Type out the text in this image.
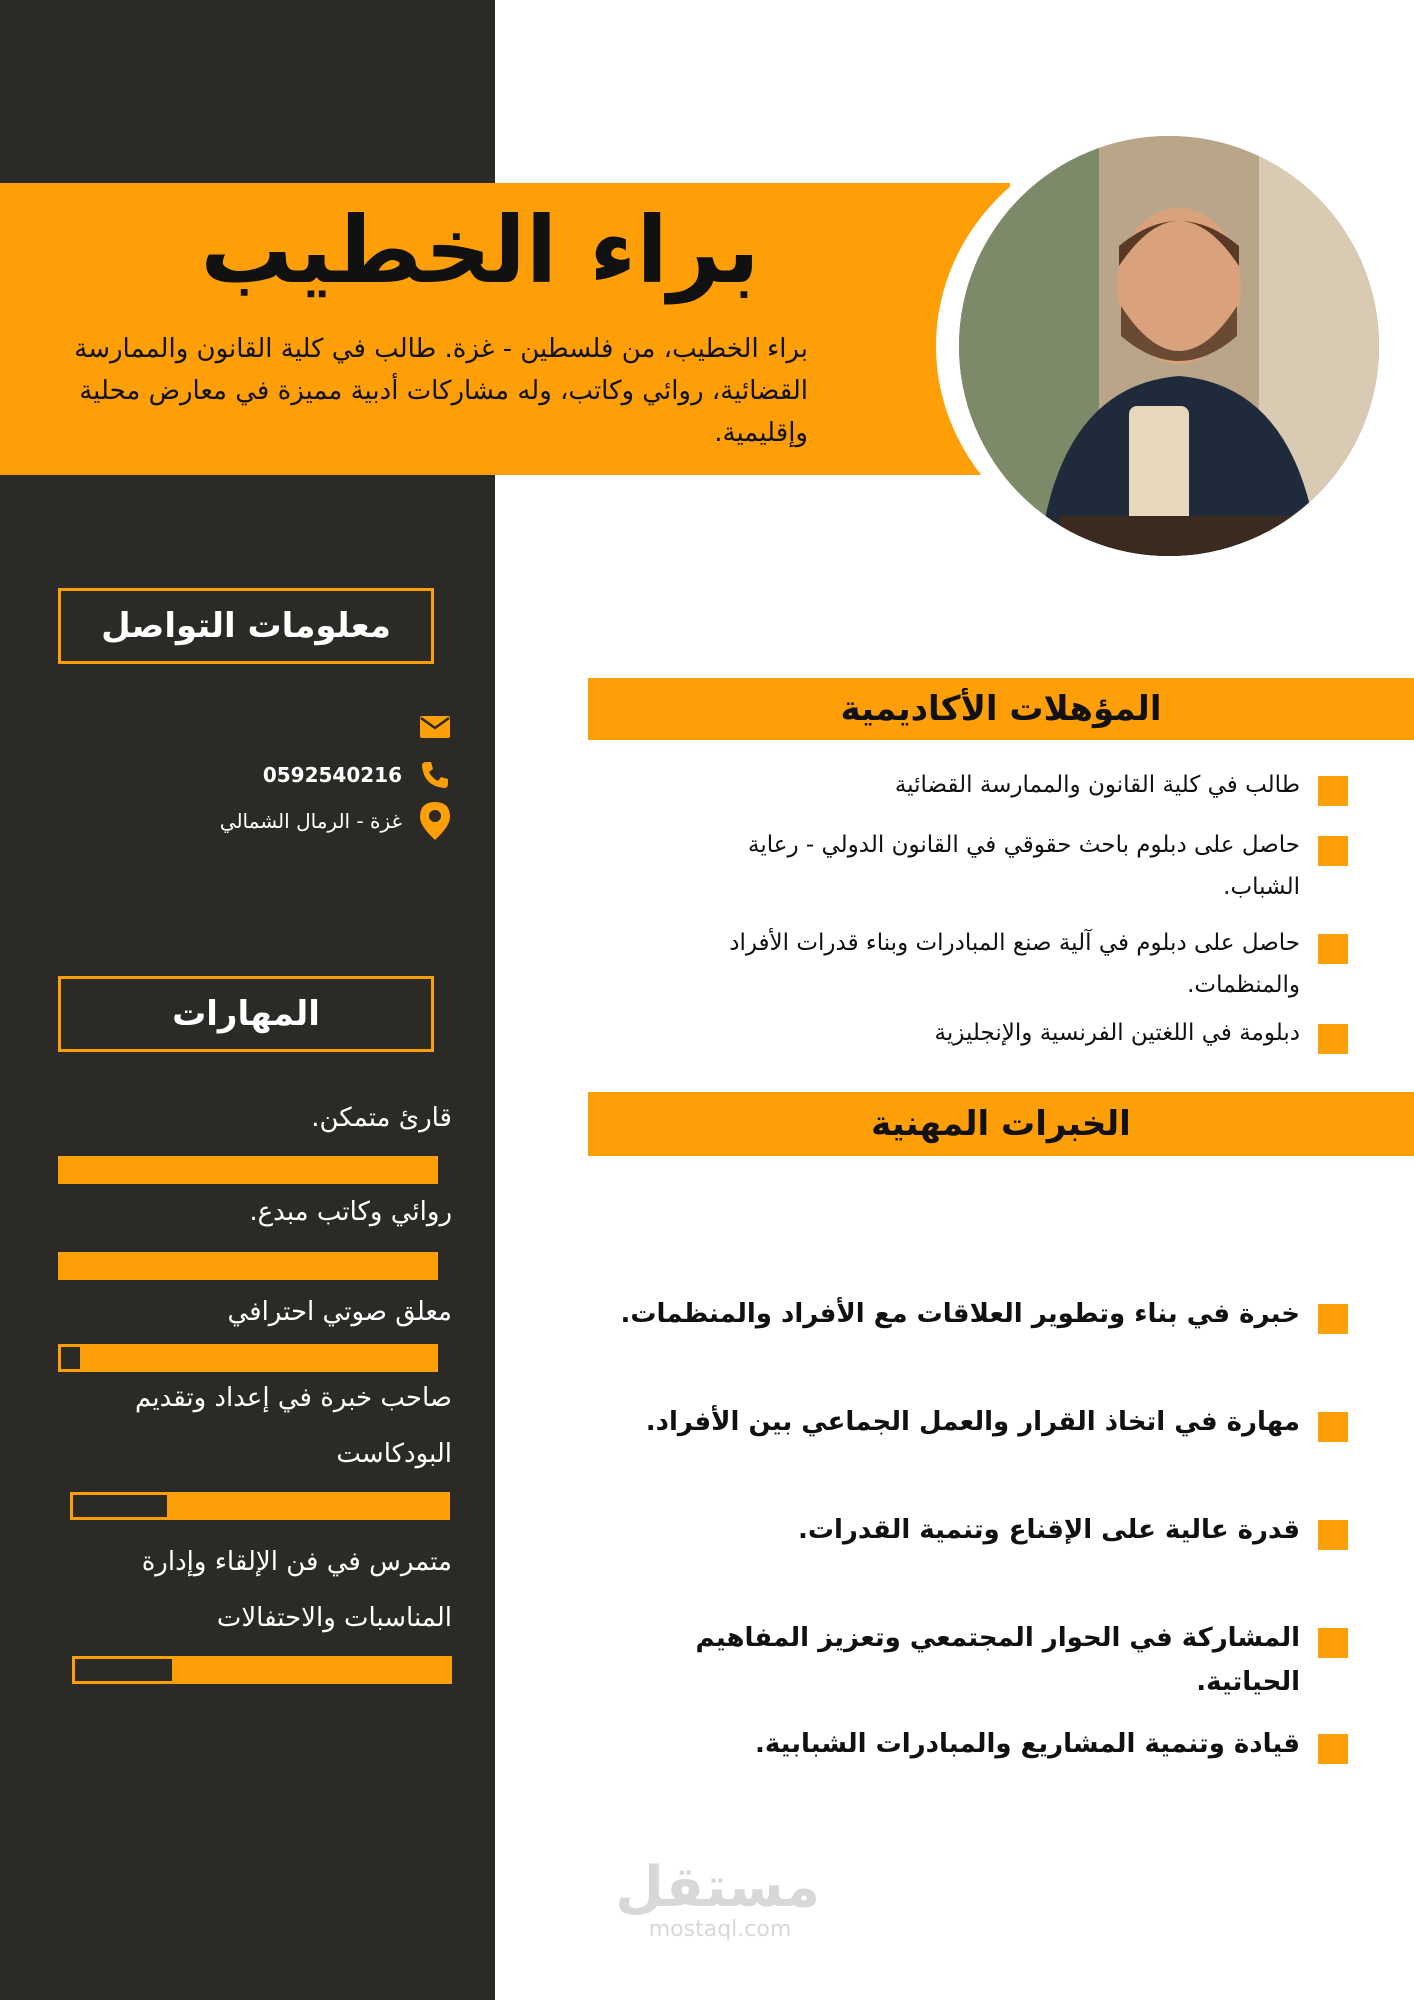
براء الخطيب

براء الخطيب، من فلسطين - غزة. طالب في كلية القانون والممارسة القضائية، روائي وكاتب، وله مشاركات أدبية مميزة في معارض محلية وإقليمية.

معلومات التواصل
0592540216
غزة - الرمال الشمالي
المهارات

قارئ متمكن.

روائي وكاتب مبدع.

معلق صوتي احترافي

صاحب خبرة في إعداد وتقديم البودكاست

متمرس في فن الإلقاء وإدارة المناسبات والاحتفالات

المؤهلات الأكاديمية
طالب في كلية القانون والممارسة القضائية
حاصل على دبلوم باحث حقوقي في القانون الدولي - رعاية الشباب.
حاصل على دبلوم في آلية صنع المبادرات وبناء قدرات الأفراد والمنظمات.
دبلومة في اللغتين الفرنسية والإنجليزية
الخبرات المهنية
خبرة في بناء وتطوير العلاقات مع الأفراد والمنظمات.
مهارة في اتخاذ القرار والعمل الجماعي بين الأفراد.
قدرة عالية على الإقناع وتنمية القدرات.
المشاركة في الحوار المجتمعي وتعزيز المفاهيم الحياتية.
قيادة وتنمية المشاريع والمبادرات الشبابية.
مستقل
mostaql.com
